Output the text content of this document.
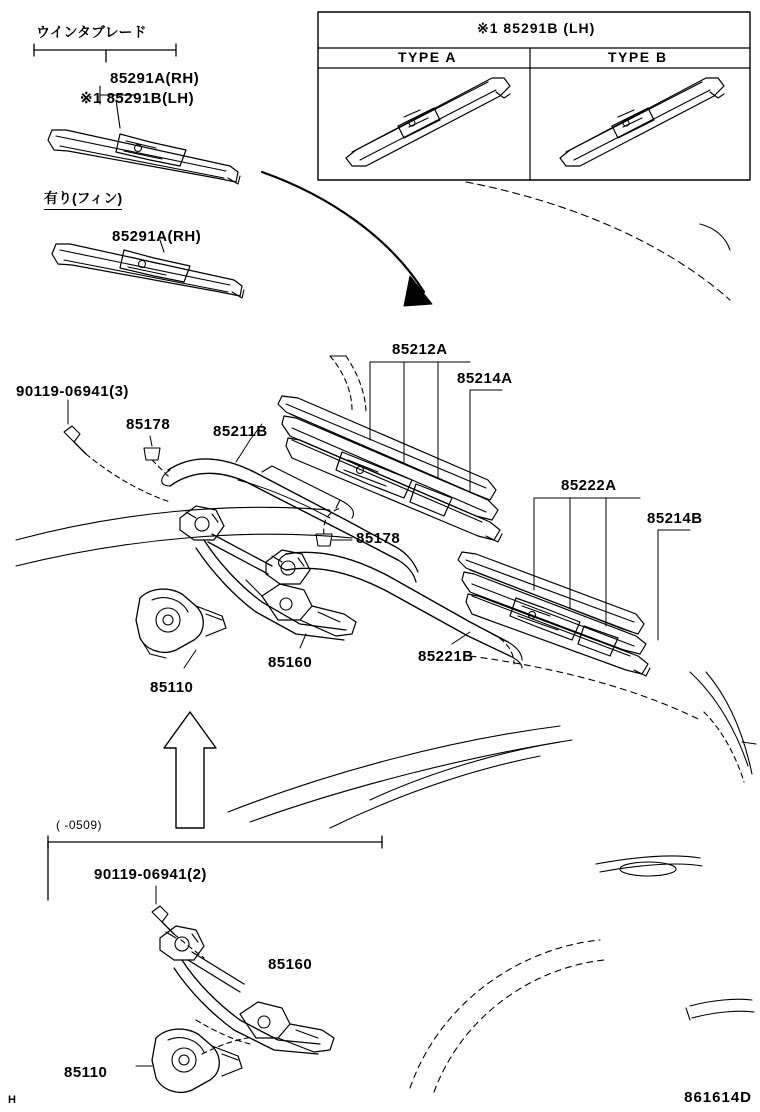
ウインタブレード
85291A(RH)
※1 85291B(LH)
有り(フィン)
85291A(RH)
90119-06941(3)
85178	85211B
85212A
85214A
85222A
85214B
85178
85221B
85160
85110
( -0509)
90119-06941(2)
85160
85110
※1 85291B (LH)
TYPE A	TYPE B
861614D
H
